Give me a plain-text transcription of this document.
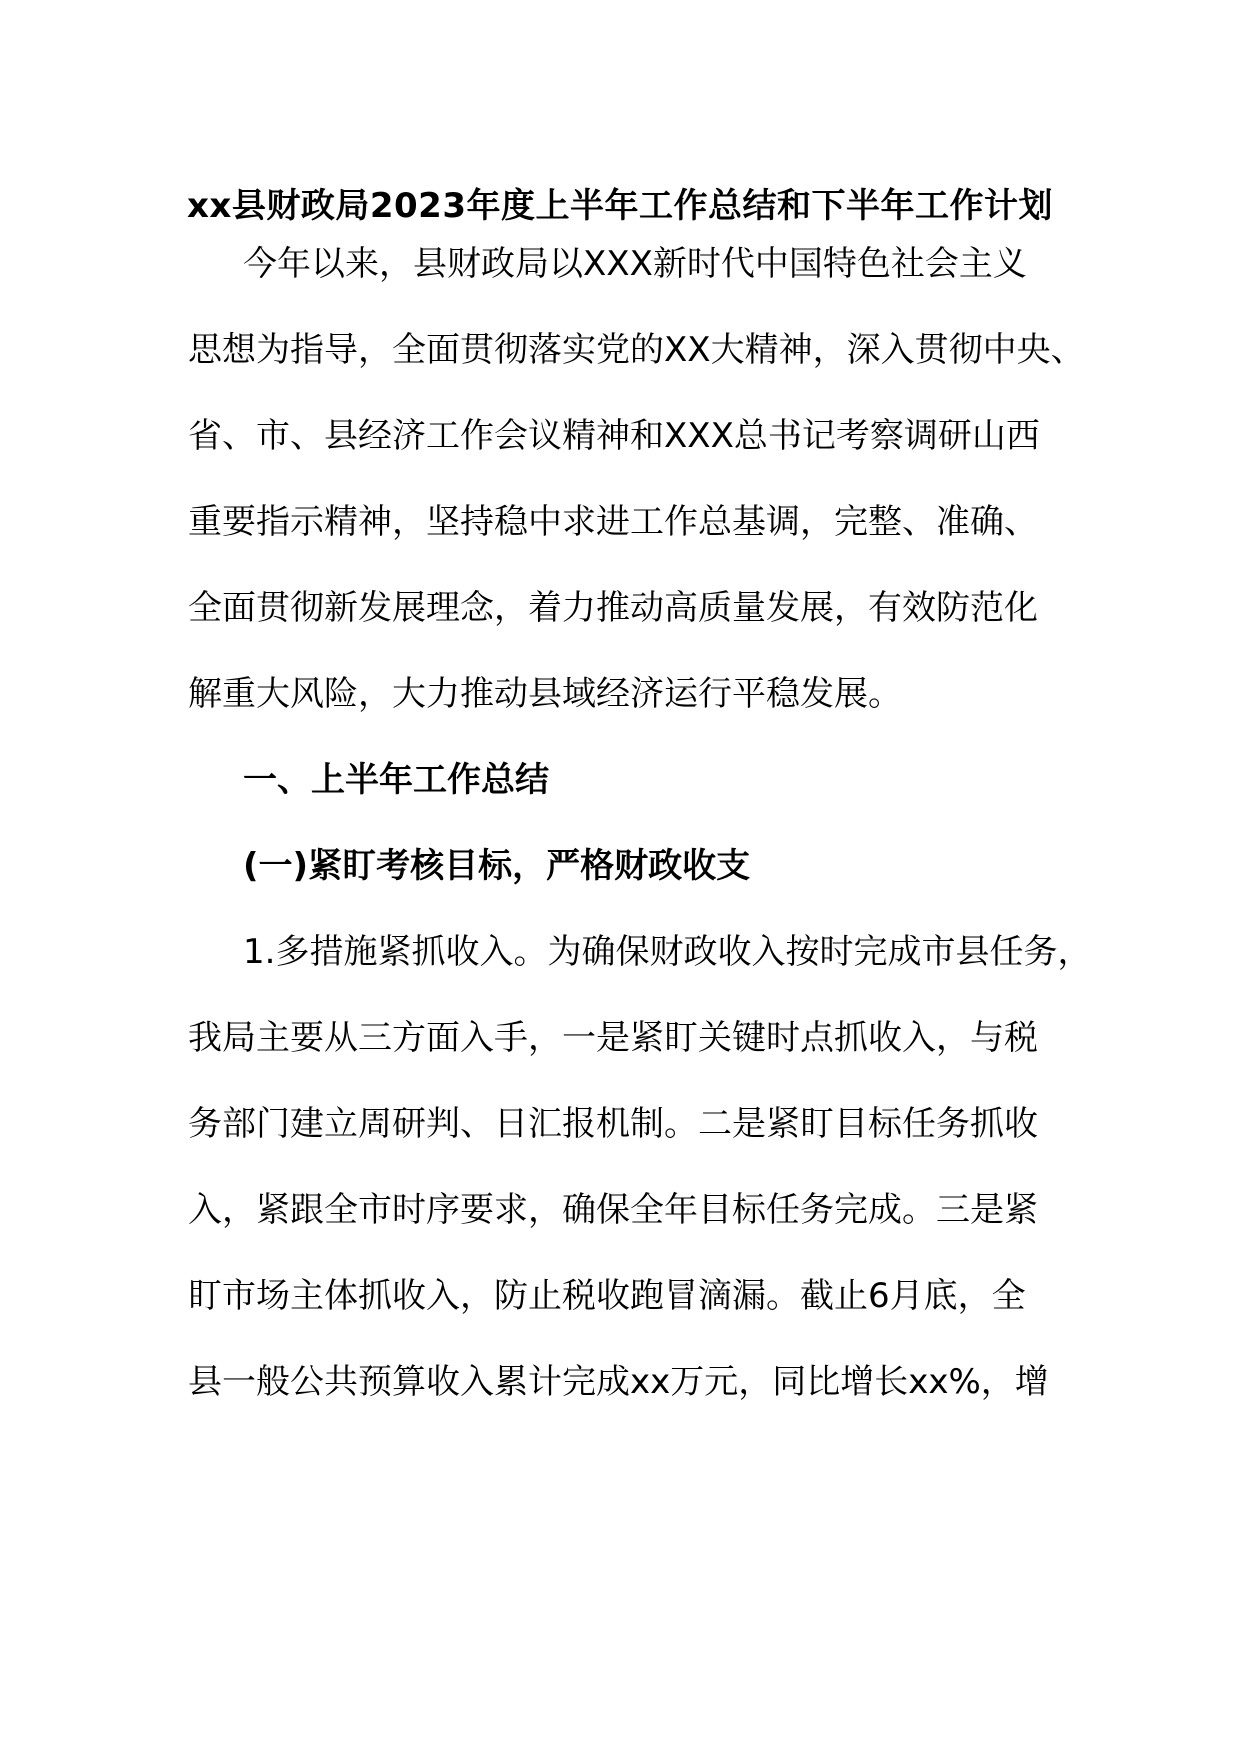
xx县财政局2023年度上半年工作总结和下半年工作计划
今年以来，县财政局以XXX新时代中国特色社会主义
思想为指导，全面贯彻落实党的XX大精神，深入贯彻中央、
省、市、县经济工作会议精神和XXX总书记考察调研山西
重要指示精神，坚持稳中求进工作总基调，完整、准确、
全面贯彻新发展理念，着力推动高质量发展，有效防范化
解重大风险，大力推动县域经济运行平稳发展。
一、上半年工作总结
(一)紧盯考核目标，严格财政收支
1.多措施紧抓收入。为确保财政收入按时完成市县任务，
我局主要从三方面入手，一是紧盯关键时点抓收入，与税
务部门建立周研判、日汇报机制。二是紧盯目标任务抓收
入，紧跟全市时序要求，确保全年目标任务完成。三是紧
盯市场主体抓收入，防止税收跑冒滴漏。截止6月底，全
县一般公共预算收入累计完成xx万元，同比增长xx%，增
